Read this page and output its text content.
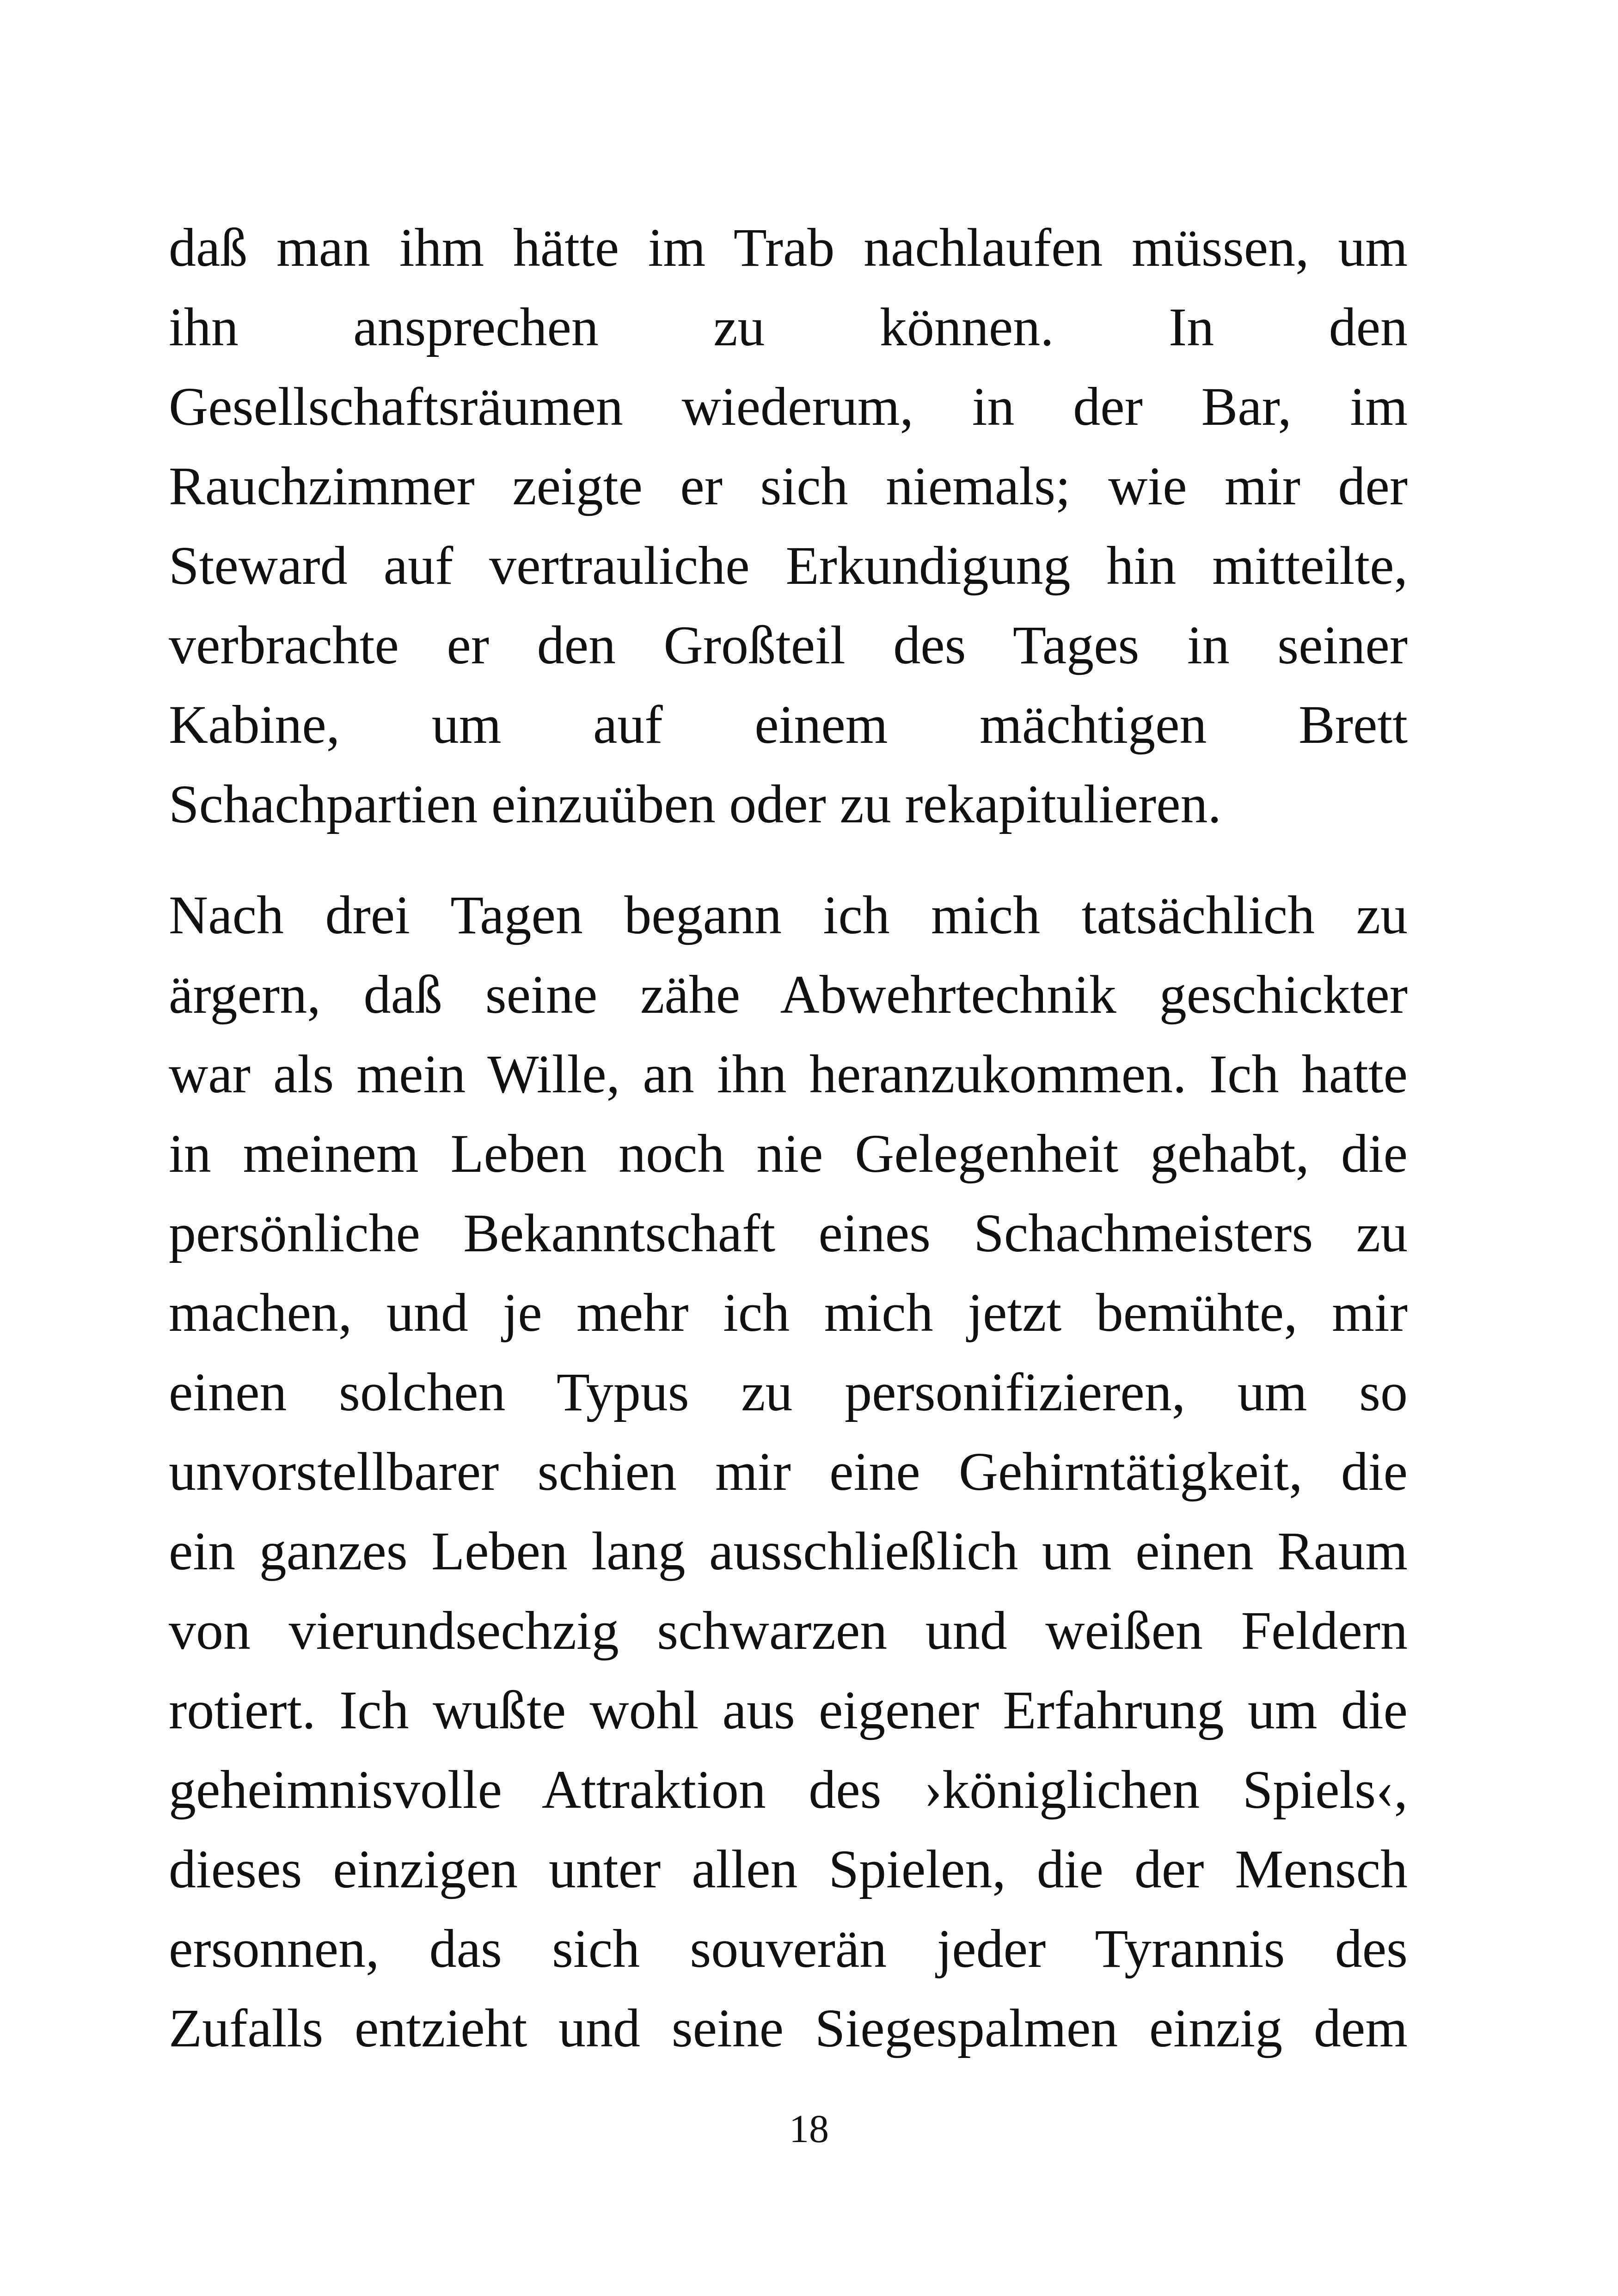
daß man ihm hätte im Trab nachlaufen müssen, um
ihn ansprechen zu können. In den
Gesellschaftsräumen wiederum, in der Bar, im
Rauchzimmer zeigte er sich niemals; wie mir der
Steward auf vertrauliche Erkundigung hin mitteilte,
verbrachte er den Großteil des Tages in seiner
Kabine, um auf einem mächtigen Brett
Schachpartien einzuüben oder zu rekapitulieren.
Nach drei Tagen begann ich mich tatsächlich zu
ärgern, daß seine zähe Abwehrtechnik geschickter
war als mein Wille, an ihn heranzukommen. Ich hatte
in meinem Leben noch nie Gelegenheit gehabt, die
persönliche Bekanntschaft eines Schachmeisters zu
machen, und je mehr ich mich jetzt bemühte, mir
einen solchen Typus zu personifizieren, um so
unvorstellbarer schien mir eine Gehirntätigkeit, die
ein ganzes Leben lang ausschließlich um einen Raum
von vierundsechzig schwarzen und weißen Feldern
rotiert. Ich wußte wohl aus eigener Erfahrung um die
geheimnisvolle Attraktion des ›königlichen Spiels‹,
dieses einzigen unter allen Spielen, die der Mensch
ersonnen, das sich souverän jeder Tyrannis des
Zufalls entzieht und seine Siegespalmen einzig dem
18
